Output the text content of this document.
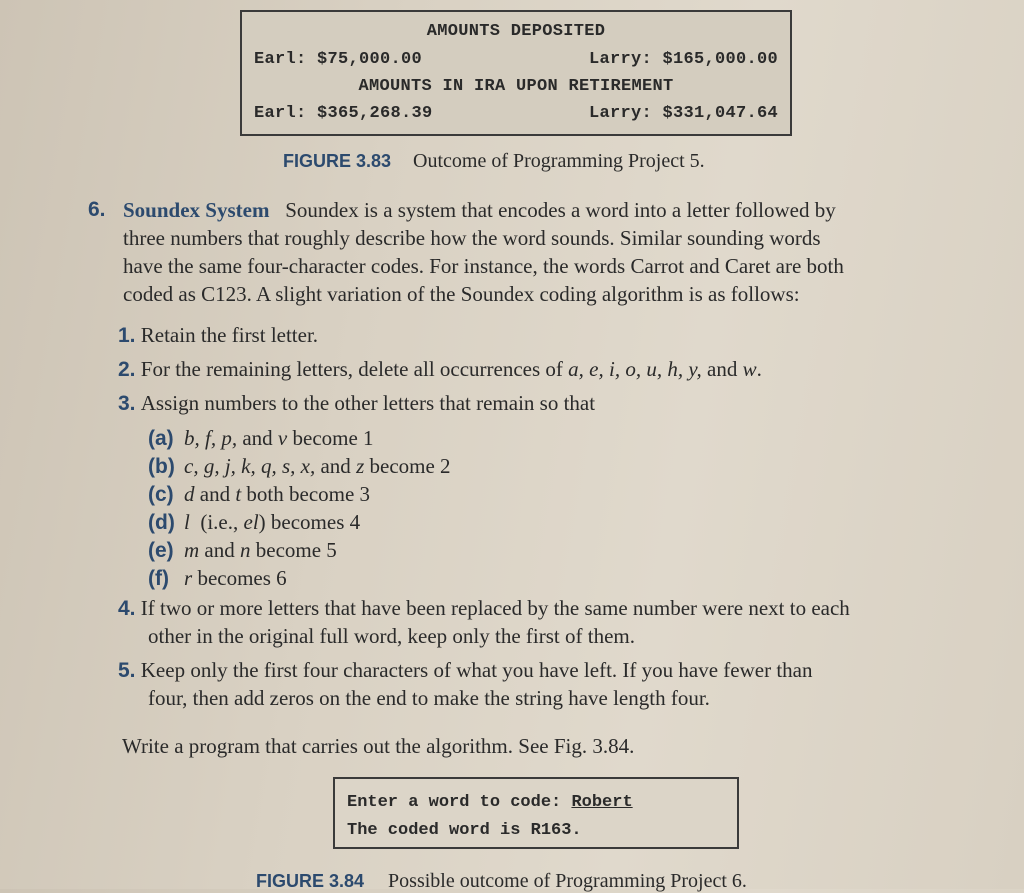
AMOUNTS DEPOSITED
Earl: $75,000.00	Larry: $165,000.00
AMOUNTS IN IRA UPON RETIREMENT
Earl: $365,268.39	Larry: $331,047.64
FIGURE 3.83 Outcome of Programming Project 5.
6. Soundex System Soundex is a system that encodes a word into a letter followed by
three numbers that roughly describe how the word sounds. Similar sounding words
have the same four-character codes. For instance, the words Carrot and Caret are both
coded as C123. A slight variation of the Soundex coding algorithm is as follows:
1. Retain the first letter.
2. For the remaining letters, delete all occurrences of a, e, i, o, u, h, y, and w.
3. Assign numbers to the other letters that remain so that
(a) b, f, p, and v become 1
(b) c, g, j, k, q, s, x, and z become 2
(c) d and t both become 3
(d) l  (i.e., el) becomes 4
(e) m and n become 5
(f) r becomes 6
4. If two or more letters that have been replaced by the same number were next to each
other in the original full word, keep only the first of them.
5. Keep only the first four characters of what you have left. If you have fewer than
four, then add zeros on the end to make the string have length four.
Write a program that carries out the algorithm. See Fig. 3.84.
Enter a word to code: Robert
The coded word is R163.
FIGURE 3.84 Possible outcome of Programming Project 6.
